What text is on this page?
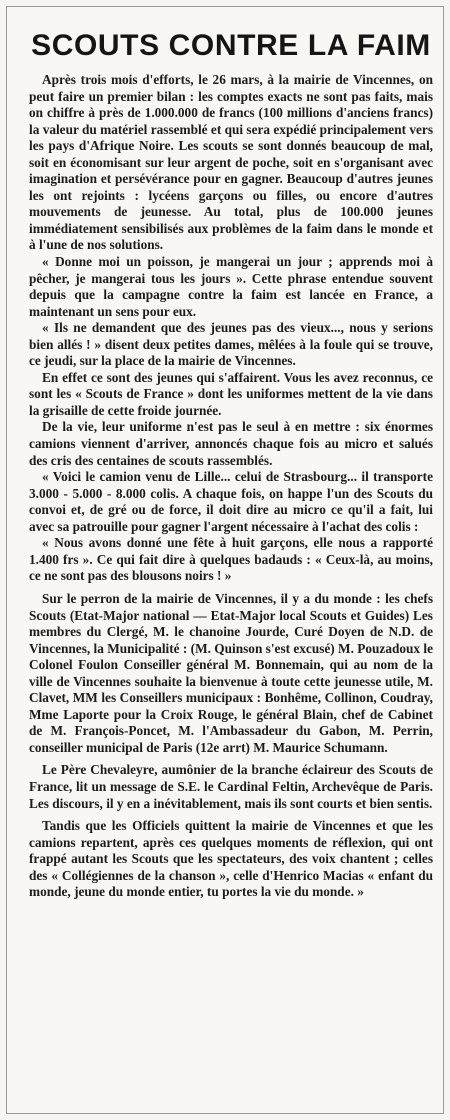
SCOUTS CONTRE LA FAIM

Après trois mois d'efforts, le 26 mars, à la mairie de Vincennes, on peut faire un premier bilan : les comptes exacts ne sont pas faits, mais on chiffre à près de 1.000.000 de francs (100 millions d'anciens francs) la valeur du matériel rassemblé et qui sera expédié principalement vers les pays d'Afrique Noire. Les scouts se sont donnés beaucoup de mal, soit en économisant sur leur argent de poche, soit en s'organisant avec imagination et persévérance pour en gagner. Beaucoup d'autres jeunes les ont rejoints : lycéens garçons ou filles, ou encore d'autres mouvements de jeunesse. Au total, plus de 100.000 jeunes immédiatement sensibilisés aux problèmes de la faim dans le monde et à l'une de nos solutions.

« Donne moi un poisson, je mangerai un jour ; apprends moi à pêcher, je mangerai tous les jours ». Cette phrase entendue souvent depuis que la campagne contre la faim est lancée en France, a maintenant un sens pour eux.

« Ils ne demandent que des jeunes pas des vieux..., nous y serions bien allés ! » disent deux petites dames, mêlées à la foule qui se trouve, ce jeudi, sur la place de la mairie de Vincennes.

En effet ce sont des jeunes qui s'affairent. Vous les avez reconnus, ce sont les « Scouts de France » dont les uniformes mettent de la vie dans la grisaille de cette froide journée.

De la vie, leur uniforme n'est pas le seul à en mettre : six énormes camions viennent d'arriver, annoncés chaque fois au micro et salués des cris des centaines de scouts rassemblés.

« Voici le camion venu de Lille... celui de Strasbourg... il transporte 3.000 - 5.000 - 8.000 colis. A chaque fois, on happe l'un des Scouts du convoi et, de gré ou de force, il doit dire au micro ce qu'il a fait, lui avec sa patrouille pour gagner l'argent nécessaire à l'achat des colis :

« Nous avons donné une fête à huit garçons, elle nous a rapporté 1.400 frs ». Ce qui fait dire à quelques badauds : « Ceux-là, au moins, ce ne sont pas des blousons noirs ! »

Sur le perron de la mairie de Vincennes, il y a du monde : les chefs Scouts (Etat-Major national — Etat-Major local Scouts et Guides) Les membres du Clergé, M. le chanoine Jourde, Curé Doyen de N.D. de Vincennes, la Municipalité : (M. Quinson s'est excusé) M. Pouzadoux le Colonel Foulon Conseiller général M. Bonnemain, qui au nom de la ville de Vincennes souhaite la bienvenue à toute cette jeunesse utile, M. Clavet, MM les Conseillers municipaux : Bonhême, Collinon, Coudray, Mme Laporte pour la Croix Rouge, le général Blain, chef de Cabinet de M. François-Poncet, M. l'Ambassadeur du Gabon, M. Perrin, conseiller municipal de Paris (12e arrt) M. Maurice Schumann.

Le Père Chevaleyre, aumônier de la branche éclaireur des Scouts de France, lit un message de S.E. le Cardinal Feltin, Archevêque de Paris. Les discours, il y en a inévitablement, mais ils sont courts et bien sentis.

Tandis que les Officiels quittent la mairie de Vincennes et que les camions repartent, après ces quelques moments de réflexion, qui ont frappé autant les Scouts que les spectateurs, des voix chantent ; celles des « Collégiennes de la chanson », celle d'Henrico Macias « enfant du monde, jeune du monde entier, tu portes la vie du monde. »
